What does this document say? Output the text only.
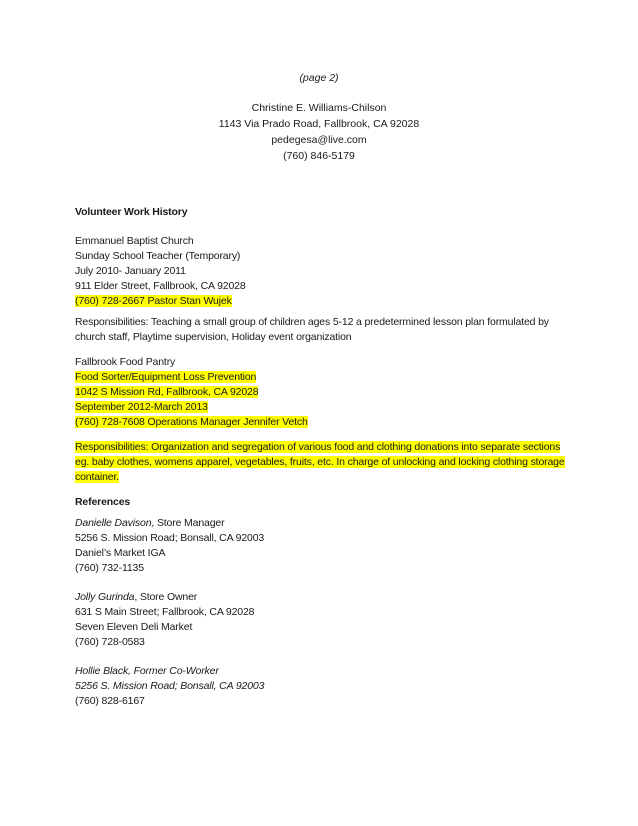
(page 2)
Christine E. Williams-Chilson
1143 Via Prado Road, Fallbrook, CA 92028
pedegesa@live.com
(760) 846-5179
Volunteer Work History
Emmanuel Baptist Church
Sunday School Teacher (Temporary)
July 2010- January 2011
911 Elder Street, Fallbrook, CA 92028
(760) 728-2667 Pastor Stan Wujek

Responsibilities: Teaching a small group of children ages 5-12 a predetermined lesson plan formulated by church staff, Playtime supervision, Holiday event organization

Fallbrook Food Pantry
Food Sorter/Equipment Loss Prevention
1042 S Mission Rd, Fallbrook, CA 92028
September 2012-March 2013
(760) 728-7608 Operations Manager Jennifer Vetch

Responsibilities: Organization and segregation of various food and clothing donations into separate sections eg. baby clothes, womens apparel, vegetables, fruits, etc. In charge of unlocking and locking clothing storage container.

References
Danielle Davison, Store Manager
5256 S. Mission Road; Bonsall, CA 92003
Daniel’s Market IGA
(760) 732-1135
Jolly Gurinda, Store Owner
631 S Main Street; Fallbrook, CA 92028
Seven Eleven Deli Market
(760) 728-0583
Hollie Black, Former Co-Worker
5256 S. Mission Road; Bonsall, CA 92003
(760) 828-6167
